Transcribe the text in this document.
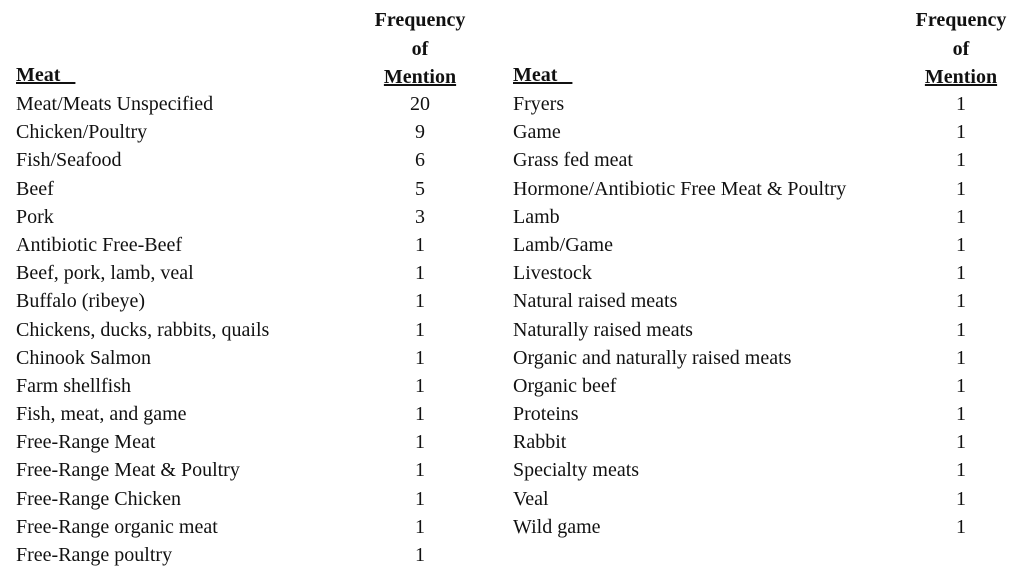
Meat
Frequency
of
Mention
Meat/Meats Unspecified	20
Chicken/Poultry	9
Fish/Seafood	6
Beef	5
Pork	3
Antibiotic Free-Beef	1
Beef, pork, lamb, veal	1
Buffalo (ribeye)	1
Chickens, ducks, rabbits, quails	1
Chinook Salmon	1
Farm shellfish	1
Fish, meat, and game	1
Free-Range Meat	1
Free-Range Meat & Poultry	1
Free-Range Chicken	1
Free-Range organic meat	1
Free-Range poultry	1
Meat
Frequency
of
Mention
Fryers	1
Game	1
Grass fed meat	1
Hormone/Antibiotic Free Meat & Poultry	1
Lamb	1
Lamb/Game	1
Livestock	1
Natural raised meats	1
Naturally raised meats	1
Organic and naturally raised meats	1
Organic beef	1
Proteins	1
Rabbit	1
Specialty meats	1
Veal	1
Wild game	1
